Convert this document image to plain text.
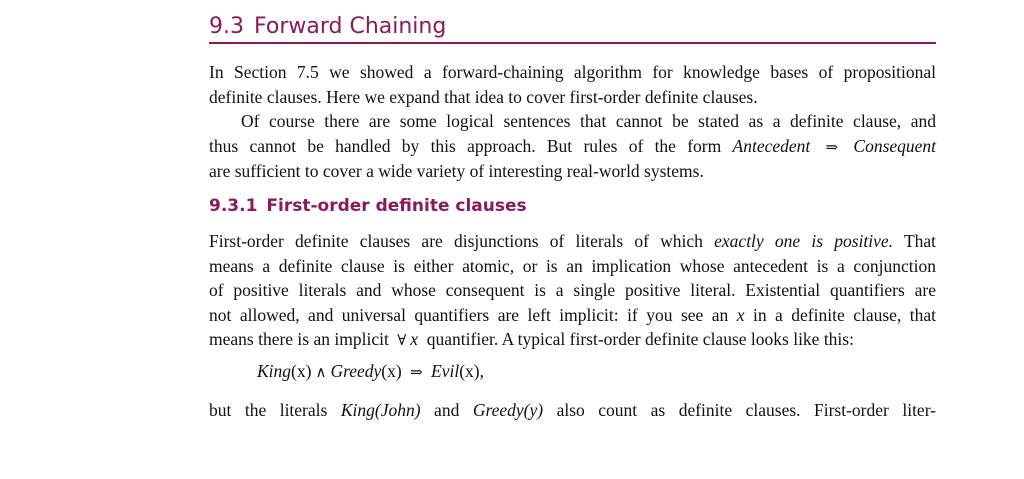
9.3 Forward Chaining

In Section 7.5 we showed a forward-chaining algorithm for knowledge bases of propositional
definite clauses. Here we expand that idea to cover first-order definite clauses.

Of course there are some logical sentences that cannot be stated as a definite clause, and
thus cannot be handled by this approach. But rules of the form Antecedent ⇒ Consequent
are sufficient to cover a wide variety of interesting real-world systems.

9.3.1 First-order definite clauses

First-order definite clauses are disjunctions of literals of which exactly one is positive. That
means a definite clause is either atomic, or is an implication whose antecedent is a conjunction
of positive literals and whose consequent is a single positive literal. Existential quantifiers are
not allowed, and universal quantifiers are left implicit: if you see an x in a definite clause, that
means there is an implicit ∀ x quantifier. A typical first-order definite clause looks like this:

King(x) ∧ Greedy(x) ⇒ Evil(x),

but the literals King(John) and Greedy(y) also count as definite clauses. First-order liter-
